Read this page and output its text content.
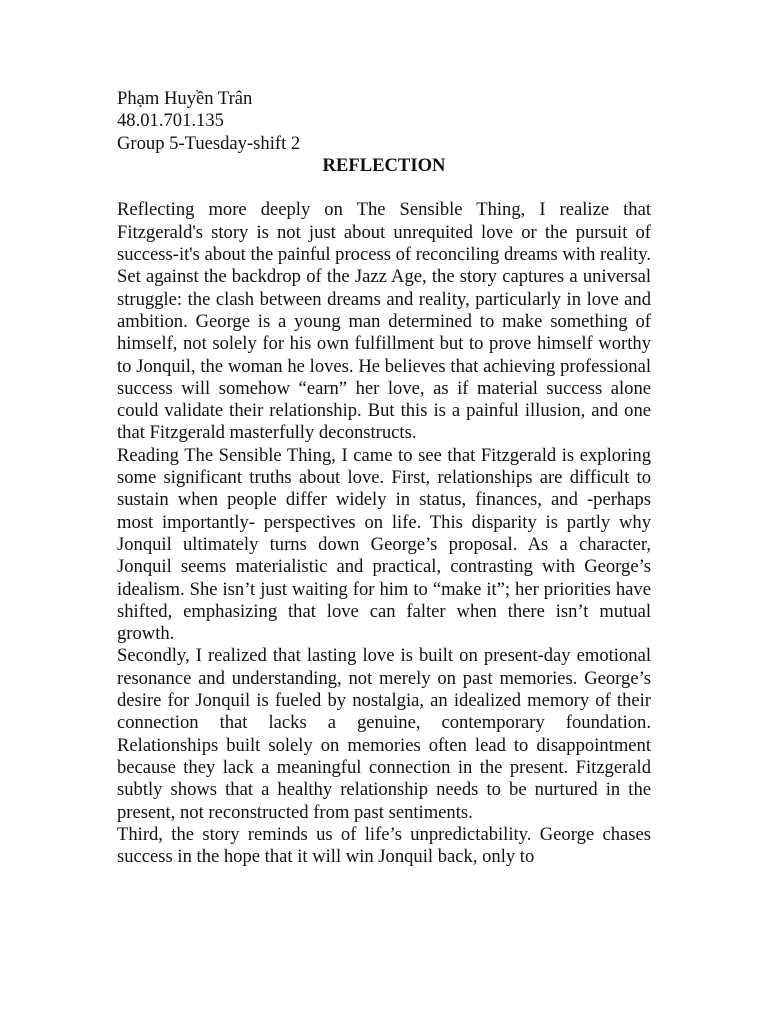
Phạm Huyền Trân
48.01.701.135
Group 5-Tuesday-shift 2
REFLECTION

Reflecting more deeply on The Sensible Thing, I realize that Fitzgerald's story is not just about unrequited love or the pursuit of success-it's about the painful process of reconciling dreams with reality. Set against the backdrop of the Jazz Age, the story captures a universal struggle: the clash between dreams and reality, particularly in love and ambition. George is a young man determined to make something of himself, not solely for his own fulfillment but to prove himself worthy to Jonquil, the woman he loves. He believes that achieving professional success will somehow “earn” her love, as if material success alone could validate their relationship. But this is a painful illusion, and one that Fitzgerald masterfully deconstructs.

Reading The Sensible Thing, I came to see that Fitzgerald is exploring some significant truths about love. First, relationships are difficult to sustain when people differ widely in status, finances, and -perhaps most importantly- perspectives on life. This disparity is partly why Jonquil ultimately turns down George’s proposal. As a character, Jonquil seems materialistic and practical, contrasting with George’s idealism. She isn’t just waiting for him to “make it”; her priorities have shifted, emphasizing that love can falter when there isn’t mutual growth.

Secondly, I realized that lasting love is built on present-day emotional resonance and understanding, not merely on past memories. George’s desire for Jonquil is fueled by nostalgia, an idealized memory of their connection that lacks a genuine, contemporary foundation. Relationships built solely on memories often lead to disappointment because they lack a meaningful connection in the present. Fitzgerald subtly shows that a healthy relationship needs to be nurtured in the present, not reconstructed from past sentiments.

Third, the story reminds us of life’s unpredictability. George chases success in the hope that it will win Jonquil back, only to
